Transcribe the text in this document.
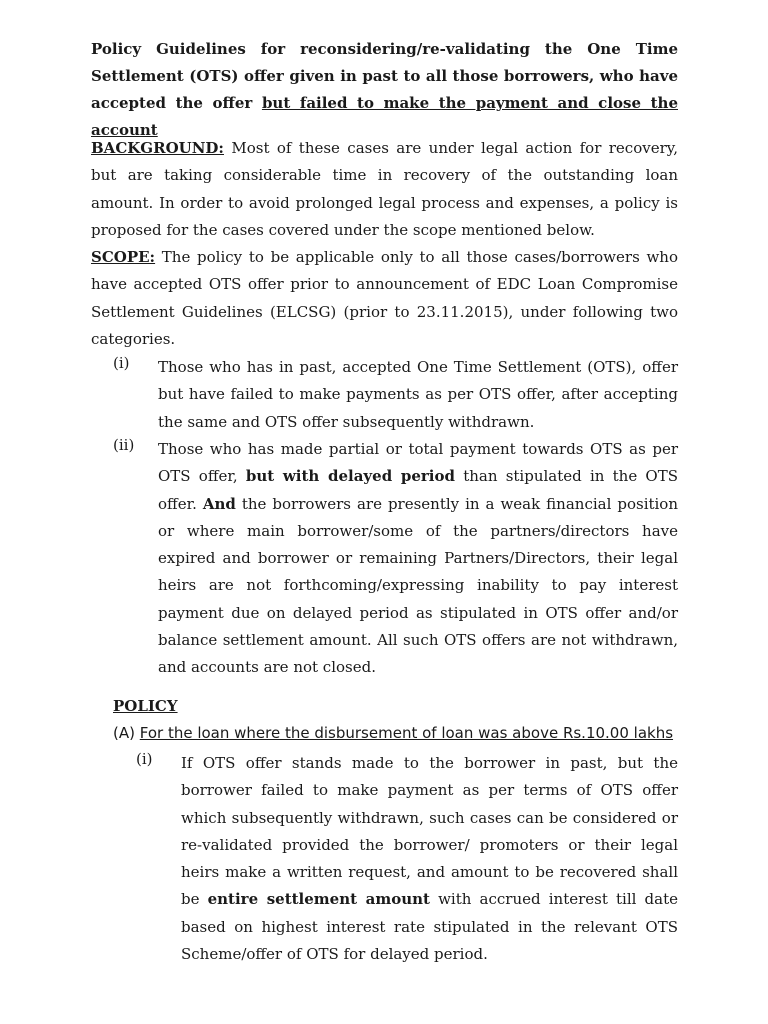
Policy Guidelines for reconsidering/re-validating the One Time Settlement (OTS) offer given in past to all those borrowers, who have accepted the offer but failed to make the payment and close the account
BACKGROUND: Most of these cases are under legal action for recovery, but are taking considerable time in recovery of the outstanding loan amount. In order to avoid prolonged legal process and expenses, a policy is proposed for the cases covered under the scope mentioned below.
SCOPE: The policy to be applicable only to all those cases/borrowers who have accepted OTS offer prior to announcement of EDC Loan Compromise Settlement Guidelines (ELCSG) (prior to 23.11.2015), under following two categories.
(i) Those who has in past, accepted One Time Settlement (OTS), offer but have failed to make payments as per OTS offer, after accepting the same and OTS offer subsequently withdrawn.
(ii) Those who has made partial or total payment towards OTS as per OTS offer, but with delayed period than stipulated in the OTS offer. And the borrowers are presently in a weak financial position or where main borrower/some of the partners/directors have expired and borrower or remaining Partners/Directors, their legal heirs are not forthcoming/expressing inability to pay interest payment due on delayed period as stipulated in OTS offer and/or balance settlement amount. All such OTS offers are not withdrawn, and accounts are not closed.
POLICY
(A) For the loan where the disbursement of loan was above Rs.10.00 lakhs
(i) If OTS offer stands made to the borrower in past, but the borrower failed to make payment as per terms of OTS offer which subsequently withdrawn, such cases can be considered or re-validated provided the borrower/ promoters or their legal heirs make a written request, and amount to be recovered shall be entire settlement amount with accrued interest till date based on highest interest rate stipulated in the relevant OTS Scheme/offer of OTS for delayed period.
